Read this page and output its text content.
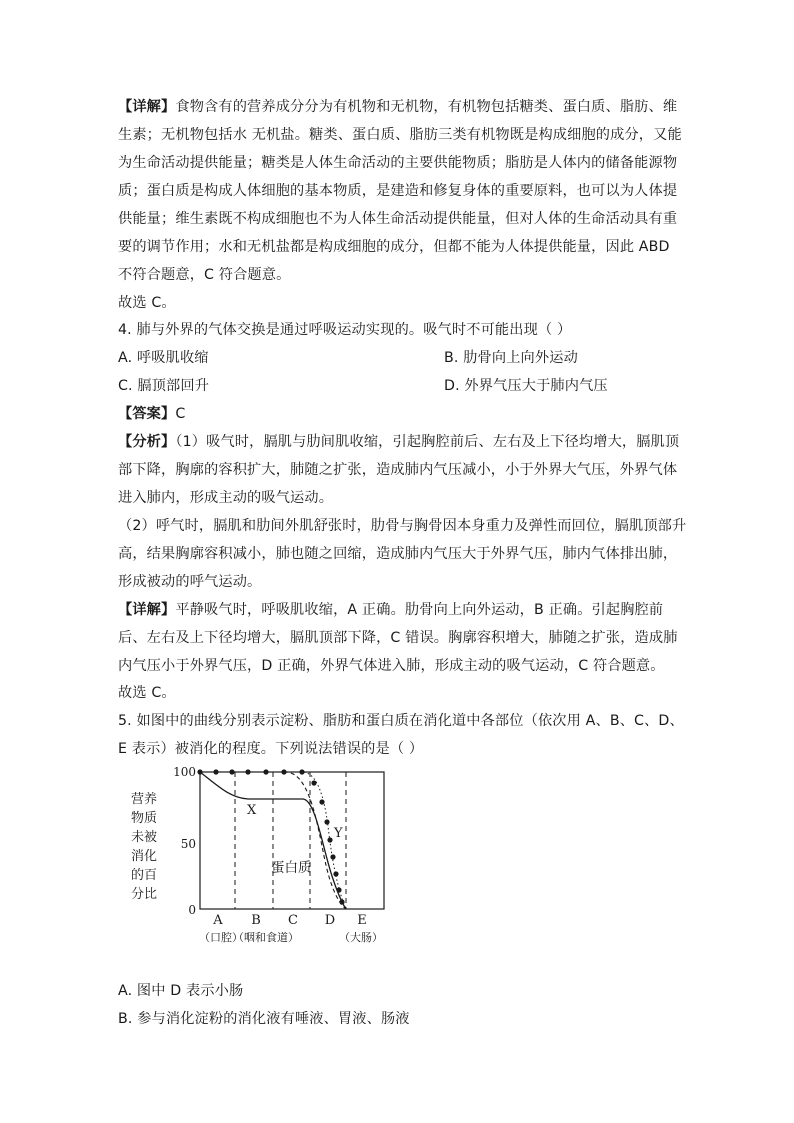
【详解】食物含有的营养成分分为有机物和无机物，有机物包括糖类、蛋白质、脂肪、维
生素；无机物包括水 无机盐。糖类、蛋白质、脂肪三类有机物既是构成细胞的成分，又能
为生命活动提供能量；糖类是人体生命活动的主要供能物质；脂肪是人体内的储备能源物
质；蛋白质是构成人体细胞的基本物质，是建造和修复身体的重要原料，也可以为人体提
供能量；维生素既不构成细胞也不为人体生命活动提供能量，但对人体的生命活动具有重
要的调节作用；水和无机盐都是构成细胞的成分，但都不能为人体提供能量，因此 ABD
不符合题意，C 符合题意。
故选 C。
4. 肺与外界的气体交换是通过呼吸运动实现的。吸气时不可能出现（ ）
A. 呼吸肌收缩	B. 肋骨向上向外运动
C. 膈顶部回升	D. 外界气压大于肺内气压
【答案】C
【分析】（1）吸气时，膈肌与肋间肌收缩，引起胸腔前后、左右及上下径均增大，膈肌顶
部下降，胸廓的容积扩大，肺随之扩张，造成肺内气压减小，小于外界大气压，外界气体
进入肺内，形成主动的吸气运动。
（2）呼气时，膈肌和肋间外肌舒张时，肋骨与胸骨因本身重力及弹性而回位，膈肌顶部升
高，结果胸廓容积减小，肺也随之回缩，造成肺内气压大于外界气压，肺内气体排出肺，
形成被动的呼气运动。
【详解】平静吸气时，呼吸肌收缩，A 正确。肋骨向上向外运动，B 正确。引起胸腔前
后、左右及上下径均增大，膈肌顶部下降，C 错误。胸廓容积增大，肺随之扩张，造成肺
内气压小于外界气压，D 正确，外界气体进入肺，形成主动的吸气运动，C 符合题意。
故选 C。
5. 如图中的曲线分别表示淀粉、脂肪和蛋白质在消化道中各部位（依次用 A、B、C、D、
E 表示）被消化的程度。下列说法错误的是（ ）
A. 图中 D 表示小肠
B. 参与消化淀粉的消化液有唾液、胃液、肠液
X
Y
蛋白质
100
50
0
营养
物质
未被
消化
的百
分比
A B C D E
（口腔）
（咽和食道）	（大肠）
